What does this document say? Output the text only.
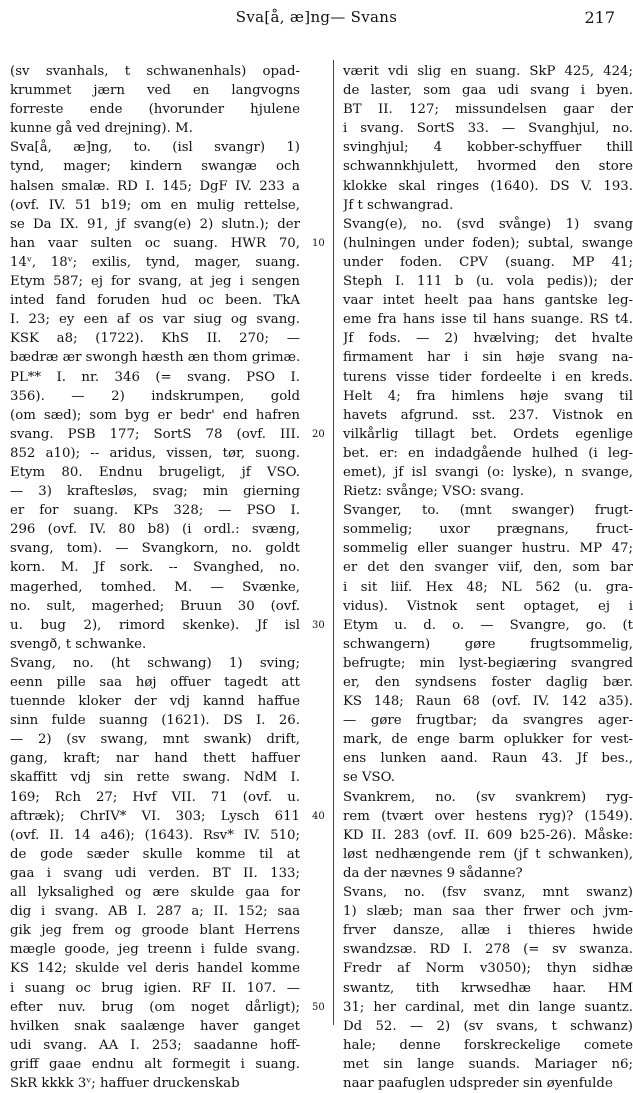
Sva[å, æ]ng— Svans	217
(sv svanhals, t schwanenhals) opad-
krummet jærn ved en langvogns
forreste ende (hvorunder hjulene
kunne gå ved drejning). M.
Sva[å, æ]ng, to. (isl svangr) 1)
tynd, mager; kindern swangæ och
halsen smalæ. RD I. 145; DgF IV. 233 a
(ovf. IV. 51 b19; om en mulig rettelse,
se Da IX. 91, jf svang(e) 2) slutn.); der
han vaar sulten oc suang. HWR 70,
14ᵛ, 18ᵛ; exilis, tynd, mager, suang.
Etym 587; ej for svang, at jeg i sengen
inted fand foruden hud oc been. TkA
I. 23; ey een af os var siug og svang.
KSK a8; (1722). KhS II. 270; —
bædræ ær swongh hæsth æn thom grimæ.
PL** I. nr. 346 (= svang. PSO I.
356). — 2) indskrumpen, gold
(om sæd); som byg er bedr' end hafren
svang. PSB 177; SortS 78 (ovf. III.
852 a10); -- aridus, vissen, tør, suong.
Etym 80. Endnu brugeligt, jf VSO.
— 3) kraftesløs, svag; min gierning
er for suang. KPs 328; — PSO I.
296 (ovf. IV. 80 b8) (i ordl.: svæng,
svang, tom). — Svangkorn, no. goldt
korn. M. Jf sork. -- Svanghed, no.
magerhed, tomhed. M. — Svænke,
no. sult, magerhed; Bruun 30 (ovf.
u. bug 2), rimord skenke). Jf isl
svengð, t schwanke.
Svang, no. (ht schwang) 1) sving;
eenn pille saa høj offuer tagedt att
tuennde kloker der vdj kannd haffue
sinn fulde suanng (1621). DS I. 26.
— 2) (sv swang, mnt swank) drift,
gang, kraft; nar hand thett haffuer
skaffitt vdj sin rette swang. NdM I.
169; Rch 27; Hvf VII. 71 (ovf. u.
aftræk); ChrIV* VI. 303; Lysch 611
(ovf. II. 14 a46); (1643). Rsv* IV. 510;
de gode sæder skulle komme til at
gaa i svang udi verden. BT II. 133;
all lyksalighed og ære skulde gaa for
dig i svang. AB I. 287 a; II. 152; saa
gik jeg frem og groode blant Herrens
mægle goode, jeg treenn i fulde svang.
KS 142; skulde vel deris handel komme
i suang oc brug igien. RF II. 107. —
efter nuv. brug (om noget dårligt);
hvilken snak saalænge haver ganget
udi svang. AA I. 253; saadanne hoff-
griff gaae endnu alt formegit i suang.
SkR kkkk 3ᵛ; haffuer druckenskab
værit vdi slig en suang. SkP 425, 424;
de laster, som gaa udi svang i byen.
BT II. 127; missundelsen gaar der
i svang. SortS 33. — Svanghjul, no.
svinghjul; 4 kobber-schyffuer thill
schwannkhjulett, hvormed den store
klokke skal ringes (1640). DS V. 193.
Jf t schwangrad.
Svang(e), no. (svd svånge) 1) svang
(hulningen under foden); subtal, swange
under foden. CPV (suang. MP 41;
Steph I. 111 b (u. vola pedis)); der
vaar intet heelt paa hans gantske leg-
eme fra hans isse til hans suange. RS t4.
Jf fods. — 2) hvælving; det hvalte
firmament har i sin høje svang na-
turens visse tider fordeelte i en kreds.
Helt 4; fra himlens høje svang til
havets afgrund. sst. 237. Vistnok en
vilkårlig tillagt bet. Ordets egenlige
bet. er: en indadgående hulhed (i leg-
emet), jf isl svangi (o: lyske), n svange,
Rietz: svånge; VSO: svang.
Svanger, to. (mnt swanger) frugt-
sommelig; uxor prægnans, fruct-
sommelig eller suanger hustru. MP 47;
er det den svanger viif, den, som bar
i sit liif. Hex 48; NL 562 (u. gra-
vidus). Vistnok sent optaget, ej i
Etym u. d. o. — Svangre, go. (t
schwangern) gøre frugtsommelig,
befrugte; min lyst-begiæring svangred
er, den syndsens foster daglig bær.
KS 148; Raun 68 (ovf. IV. 142 a35).
— gøre frugtbar; da svangres ager-
mark, de enge barm oplukker for vest-
ens lunken aand. Raun 43. Jf bes.,
se VSO.
Svankrem, no. (sv svankrem) ryg-
rem (tvært over hestens ryg)? (1549).
KD II. 283 (ovf. II. 609 b25-26). Måske:
løst nedhængende rem (jf t schwanken),
da der nævnes 9 sådanne?
Svans, no. (fsv svanz, mnt swanz)
1) slæb; man saa ther frwer och jvm-
frver dansze, allæ i thieres hwide
swandzsæ. RD I. 278 (= sv swanza.
Fredr af Norm v3050); thyn sidhæ
swantz, tith krwsedhæ haar. HM
31; her cardinal, met din lange suantz.
Dd 52. — 2) (sv svans, t schwanz)
hale; denne forskreckelige comete
met sin lange suands. Mariager n6;
naar paafuglen udspreder sin øyenfulde
10
20
30
40
50
